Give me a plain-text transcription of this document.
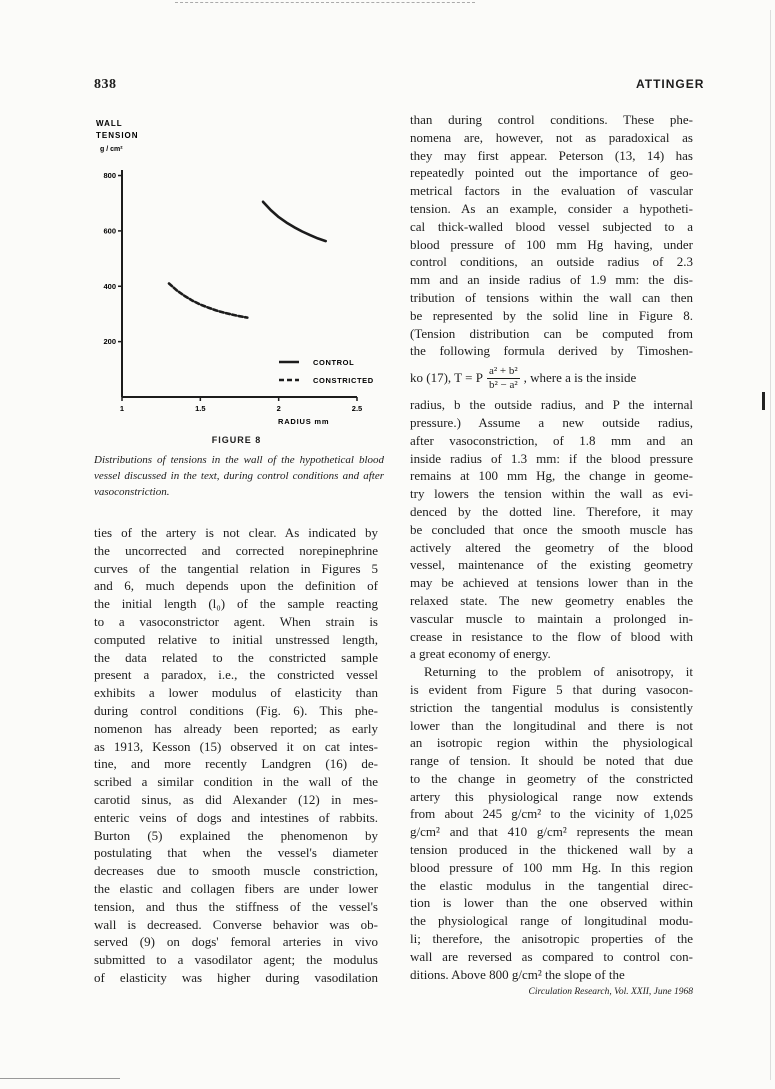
838	ATTINGER
WALL
TENSION
g / cm²
200
400
600
800
1	1.5	2	2.5
CONTROL
CONSTRICTED
RADIUS mm
FIGURE 8
Distributions of tensions in the wall of the hypothetical blood vessel discussed in the text, during control conditions and after vasoconstriction.
ties of the artery is not clear. As indicated by
the uncorrected and corrected norepinephrine
curves of the tangential relation in Figures 5
and 6, much depends upon the definition of
the initial length (l₀) of the sample reacting
to a vasoconstrictor agent. When strain is
computed relative to initial unstressed length,
the data related to the constricted sample
present a paradox, i.e., the constricted vessel
exhibits a lower modulus of elasticity than
during control conditions (Fig. 6). This phe-
nomenon has already been reported; as early
as 1913, Kesson (15) observed it on cat intes-
tine, and more recently Landgren (16) de-
scribed a similar condition in the wall of the
carotid sinus, as did Alexander (12) in mes-
enteric veins of dogs and intestines of rabbits.
Burton (5) explained the phenomenon by
postulating that when the vessel's diameter
decreases due to smooth muscle constriction,
the elastic and collagen fibers are under lower
tension, and thus the stiffness of the vessel's
wall is decreased. Converse behavior was ob-
served (9) on dogs' femoral arteries in vivo
submitted to a vasodilator agent; the modulus
of elasticity was higher during vasodilation
than during control conditions. These phe-
nomena are, however, not as paradoxical as
they may first appear. Peterson (13, 14) has
repeatedly pointed out the importance of geo-
metrical factors in the evaluation of vascular
tension. As an example, consider a hypotheti-
cal thick-walled blood vessel subjected to a
blood pressure of 100 mm Hg having, under
control conditions, an outside radius of 2.3
mm and an inside radius of 1.9 mm: the dis-
tribution of tensions within the wall can then
be represented by the solid line in Figure 8.
(Tension distribution can be computed from
the following formula derived by Timoshen-
ko (17), T = P $\frac{\text{a² + b²}}{\text{b² − a²}}$ , where a is the inside
radius, b the outside radius, and P the internal
pressure.) Assume a new outside radius,
after vasoconstriction, of 1.8 mm and an
inside radius of 1.3 mm: if the blood pressure
remains at 100 mm Hg, the change in geome-
try lowers the tension within the wall as evi-
denced by the dotted line. Therefore, it may
be concluded that once the smooth muscle has
actively altered the geometry of the blood
vessel, maintenance of the existing geometry
may be achieved at tensions lower than in the
relaxed state. The new geometry enables the
vascular muscle to maintain a prolonged in-
crease in resistance to the flow of blood with
a great economy of energy.
Returning to the problem of anisotropy, it
is evident from Figure 5 that during vasocon-
striction the tangential modulus is consistently
lower than the longitudinal and there is not
an isotropic region within the physiological
range of tension. It should be noted that due
to the change in geometry of the constricted
artery this physiological range now extends
from about 245 g/cm² to the vicinity of 1,025
g/cm² and that 410 g/cm² represents the mean
tension produced in the thickened wall by a
blood pressure of 100 mm Hg. In this region
the elastic modulus in the tangential direc-
tion is lower than the one observed within
the physiological range of longitudinal modu-
li; therefore, the anisotropic properties of the
wall are reversed as compared to control con-
ditions. Above 800 g/cm² the slope of the
Circulation Research, Vol. XXII, June 1968
